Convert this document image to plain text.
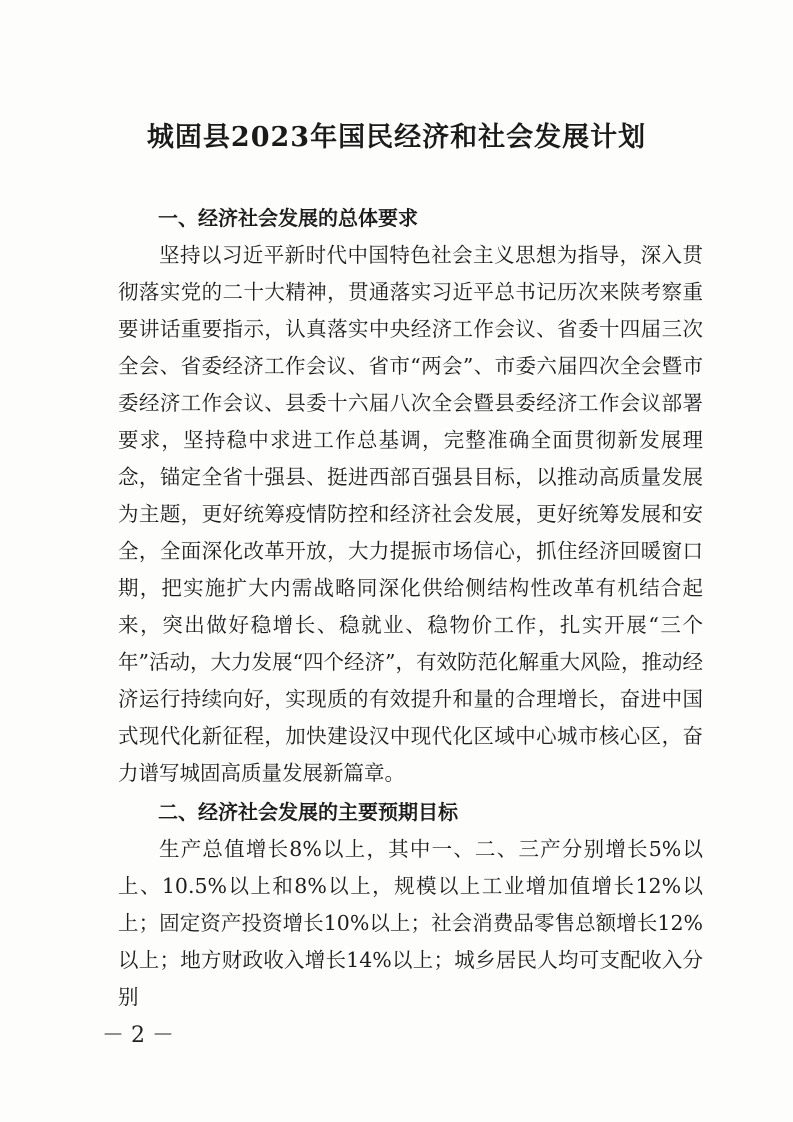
城固县2023年国民经济和社会发展计划

一、经济社会发展的总体要求

坚持以习近平新时代中国特色社会主义思想为指导，深入贯彻落实党的二十大精神，贯通落实习近平总书记历次来陕考察重要讲话重要指示，认真落实中央经济工作会议、省委十四届三次全会、省委经济工作会议、省市“两会”、市委六届四次全会暨市委经济工作会议、县委十六届八次全会暨县委经济工作会议部署要求，坚持稳中求进工作总基调，完整准确全面贯彻新发展理念，锚定全省十强县、挺进西部百强县目标，以推动高质量发展为主题，更好统筹疫情防控和经济社会发展，更好统筹发展和安全，全面深化改革开放，大力提振市场信心，抓住经济回暖窗口期，把实施扩大内需战略同深化供给侧结构性改革有机结合起来，突出做好稳增长、稳就业、稳物价工作，扎实开展“三个年”活动，大力发展“四个经济”，有效防范化解重大风险，推动经济运行持续向好，实现质的有效提升和量的合理增长，奋进中国式现代化新征程，加快建设汉中现代化区域中心城市核心区，奋力谱写城固高质量发展新篇章。

二、经济社会发展的主要预期目标

生产总值增长8%以上，其中一、二、三产分别增长5%以上、10.5%以上和8%以上，规模以上工业增加值增长12%以上；固定资产投资增长10%以上；社会消费品零售总额增长12%以上；地方财政收入增长14%以上；城乡居民人均可支配收入分别

－ 2 －
